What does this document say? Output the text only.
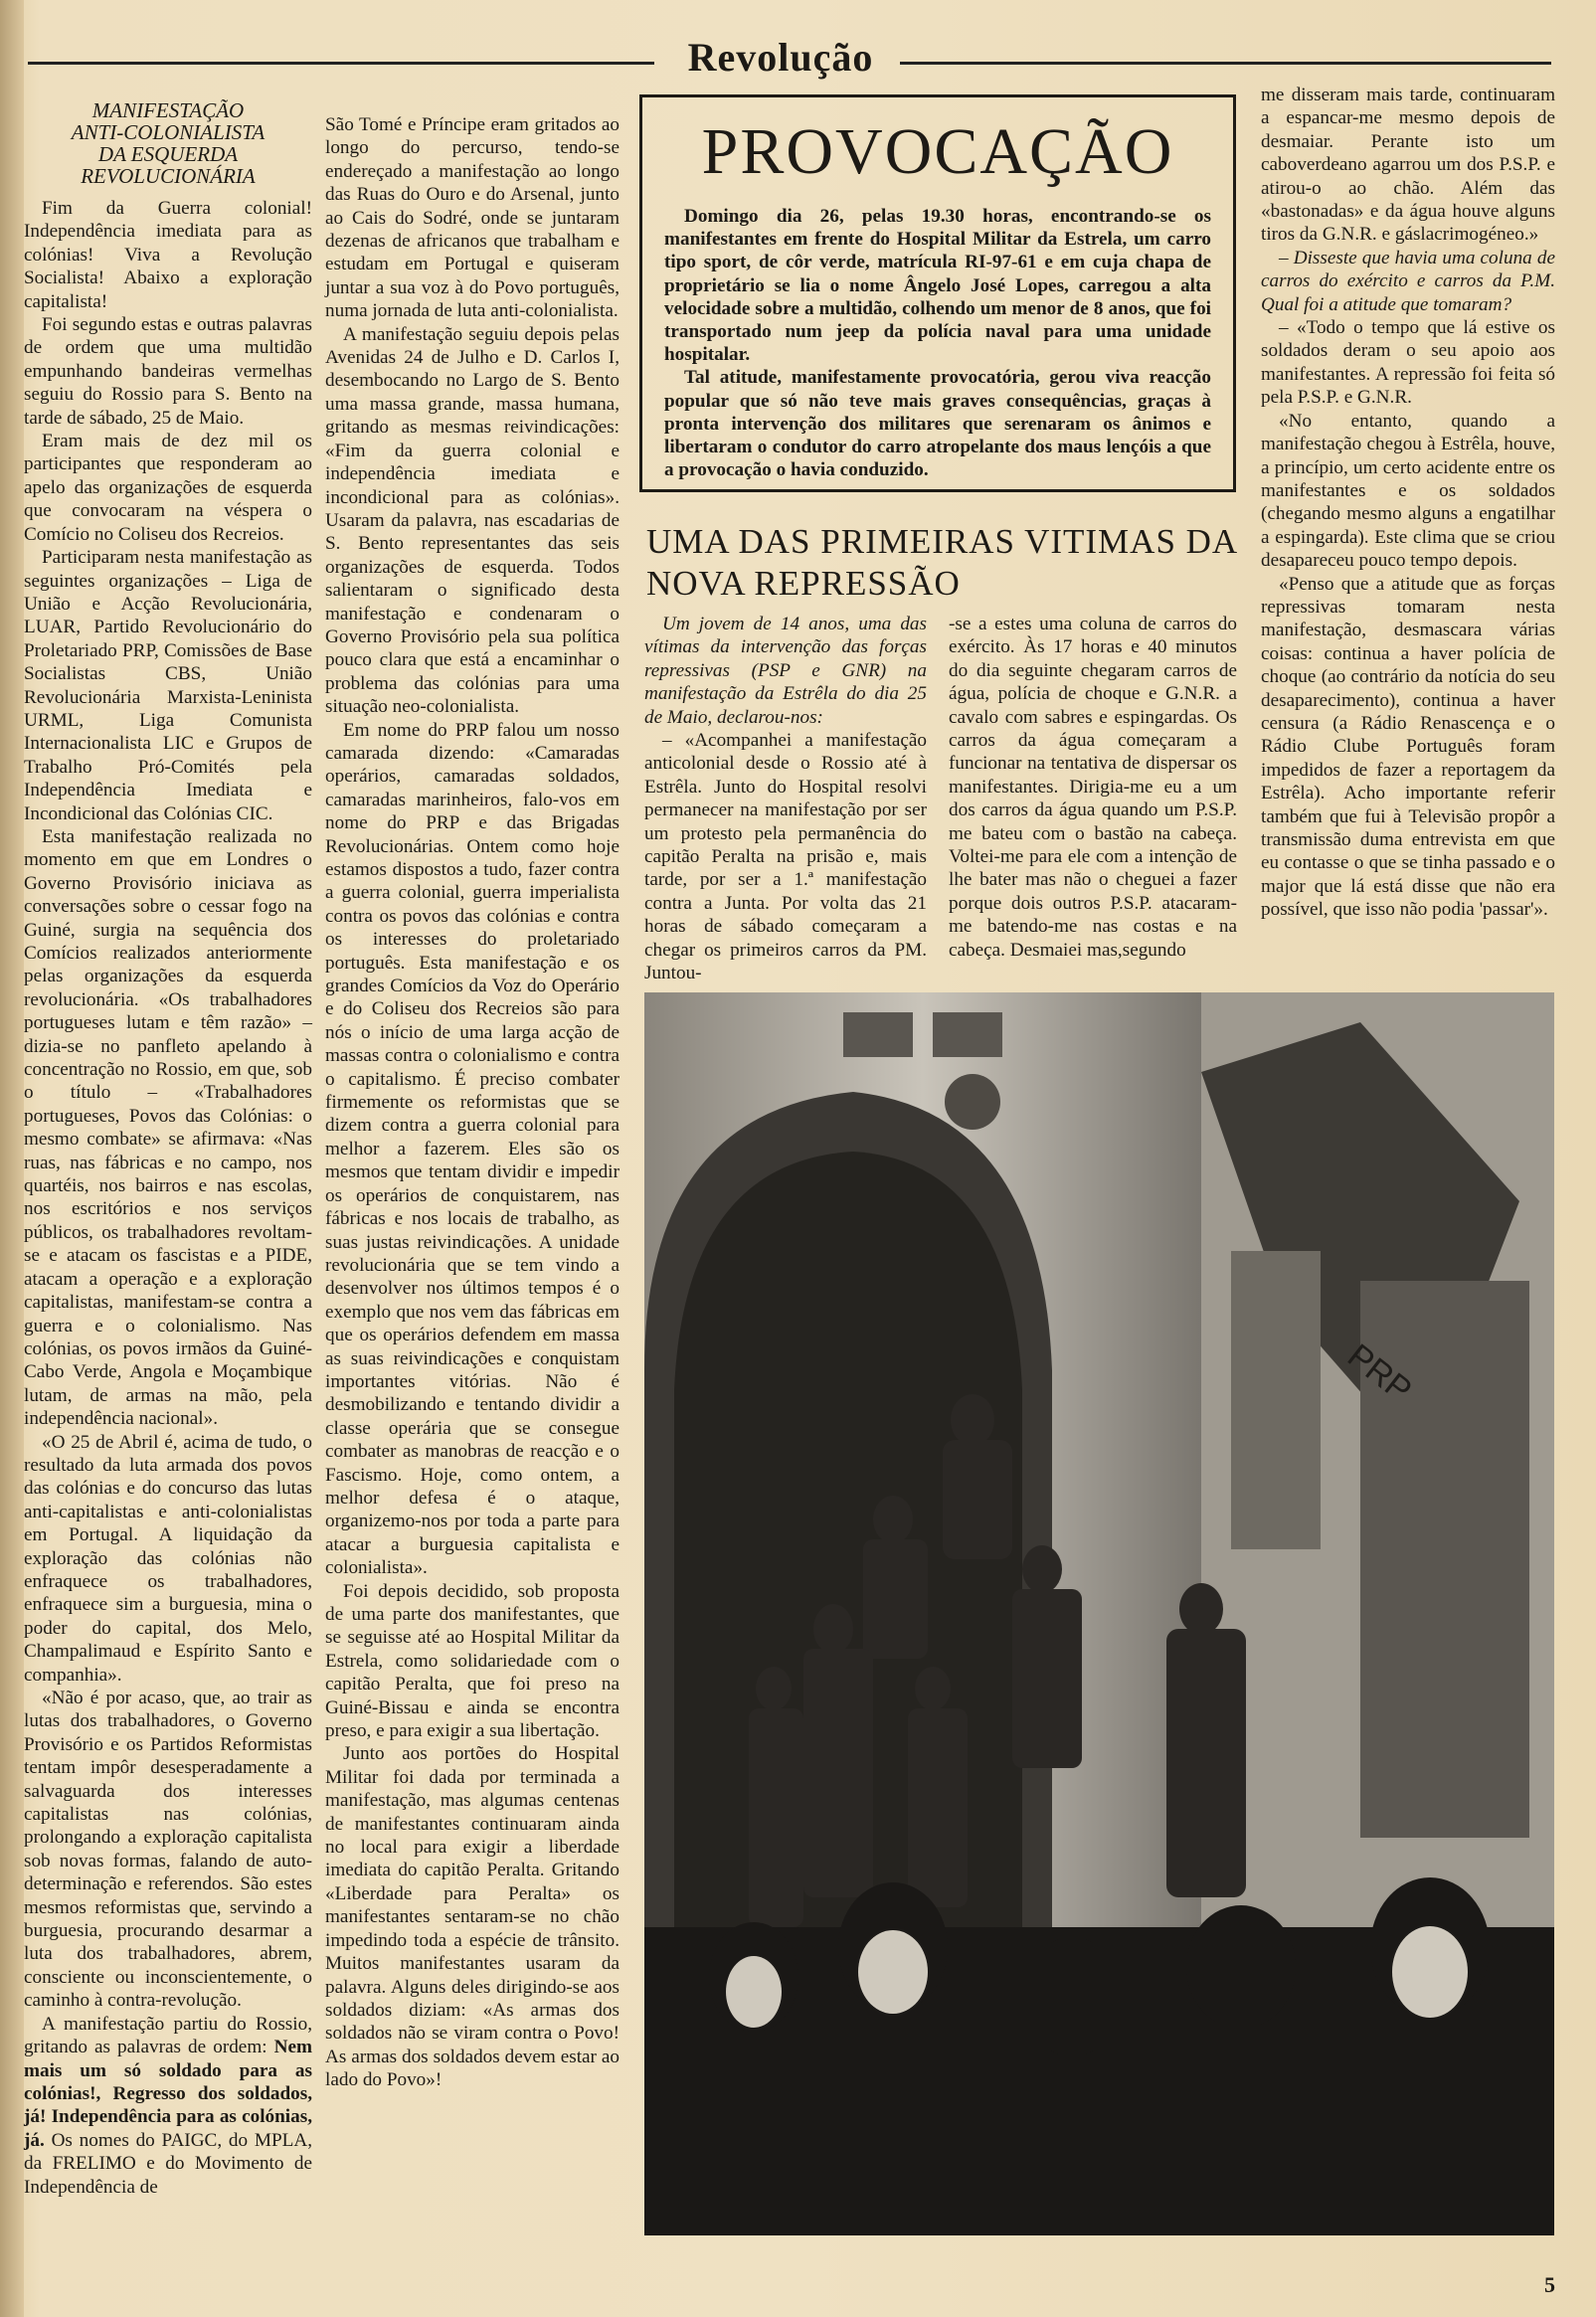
Revolução
MANIFESTAÇÃO
ANTI-COLONIALISTA
DA ESQUERDA
REVOLUCIONÁRIA

Fim da Guerra colonial! Independência imediata para as colónias! Viva a Revolução Socialista! Abaixo a exploração capitalista!

Foi segundo estas e outras palavras de ordem que uma multidão empunhando bandeiras vermelhas seguiu do Rossio para S. Bento na tarde de sábado, 25 de Maio.

Eram mais de dez mil os participantes que responderam ao apelo das organizações de esquerda que convocaram na véspera o Comício no Coliseu dos Recreios.

Participaram nesta manifestação as seguintes organizações – Liga de União e Acção Revolucionária, LUAR, Partido Revolucionário do Proletariado PRP, Comissões de Base Socialistas CBS, União Revolucionária Marxista-Leninista URML, Liga Comunista Internacionalista LIC e Grupos de Trabalho Pró-Comités pela Independência Imediata e Incondicional das Colónias CIC.

Esta manifestação realizada no momento em que em Londres o Governo Provisório iniciava as conversações sobre o cessar fogo na Guiné, surgia na sequência dos Comícios realizados anteriormente pelas organizações da esquerda revolucionária. «Os trabalhadores portugueses lutam e têm razão» – dizia-se no panfleto apelando à concentração no Rossio, em que, sob o título – «Trabalhadores portugueses, Povos das Colónias: o mesmo combate» se afirmava: «Nas ruas, nas fábricas e no campo, nos quartéis, nos bairros e nas escolas, nos escritórios e nos serviços públicos, os trabalhadores revoltam-se e atacam os fascistas e a PIDE, atacam a operação e a exploração capitalistas, manifestam-se contra a guerra e o colonialismo. Nas colónias, os povos irmãos da Guiné-Cabo Verde, Angola e Moçambique lutam, de armas na mão, pela independência nacional».

«O 25 de Abril é, acima de tudo, o resultado da luta armada dos povos das colónias e do concurso das lutas anti-capitalistas e anti-colonialistas em Portugal. A liquidação da exploração das colónias não enfraquece os trabalhadores, enfraquece sim a burguesia, mina o poder do capital, dos Melo, Champalimaud e Espírito Santo e companhia».

«Não é por acaso, que, ao trair as lutas dos trabalhadores, o Governo Provisório e os Partidos Reformistas tentam impôr desesperadamente a salvaguarda dos interesses capitalistas nas colónias, prolongando a exploração capitalista sob novas formas, falando de auto-determinação e referendos. São estes mesmos reformistas que, servindo a burguesia, procurando desarmar a luta dos trabalhadores, abrem, consciente ou inconscientemente, o caminho à contra-revolução.

A manifestação partiu do Rossio, gritando as palavras de ordem: Nem mais um só soldado para as colónias!, Regresso dos soldados, já! Independência para as colónias, já. Os nomes do PAIGC, do MPLA, da FRELIMO e do Movimento de Independência de

São Tomé e Príncipe eram gritados ao longo do percurso, tendo-se endereçado a manifestação ao longo das Ruas do Ouro e do Arsenal, junto ao Cais do Sodré, onde se juntaram dezenas de africanos que trabalham e estudam em Portugal e quiseram juntar a sua voz à do Povo português, numa jornada de luta anti-colonialista.

A manifestação seguiu depois pelas Avenidas 24 de Julho e D. Carlos I, desembocando no Largo de S. Bento uma massa grande, massa humana, gritando as mesmas reivindicações: «Fim da guerra colonial e independência imediata e incondicional para as colónias». Usaram da palavra, nas escadarias de S. Bento representantes das seis organizações de esquerda. Todos salientaram o significado desta manifestação e condenaram o Governo Provisório pela sua política pouco clara que está a encaminhar o problema das colónias para uma situação neo-colonialista.

Em nome do PRP falou um nosso camarada dizendo: «Camaradas operários, camaradas soldados, camaradas marinheiros, falo-vos em nome do PRP e das Brigadas Revolucionárias. Ontem como hoje estamos dispostos a tudo, fazer contra a guerra colonial, guerra imperialista contra os povos das colónias e contra os interesses do proletariado português. Esta manifestação e os grandes Comícios da Voz do Operário e do Coliseu dos Recreios são para nós o início de uma larga acção de massas contra o colonialismo e contra o capitalismo. É preciso combater firmemente os reformistas que se dizem contra a guerra colonial para melhor a fazerem. Eles são os mesmos que tentam dividir e impedir os operários de conquistarem, nas fábricas e nos locais de trabalho, as suas justas reivindicações. A unidade revolucionária que se tem vindo a desenvolver nos últimos tempos é o exemplo que nos vem das fábricas em que os operários defendem em massa as suas reivindicações e conquistam importantes vitórias. Não é desmobilizando e tentando dividir a classe operária que se consegue combater as manobras de reacção e o Fascismo. Hoje, como ontem, a melhor defesa é o ataque, organizemo-nos por toda a parte para atacar a burguesia capitalista e colonialista».

Foi depois decidido, sob proposta de uma parte dos manifestantes, que se seguisse até ao Hospital Militar da Estrela, como solidariedade com o capitão Peralta, que foi preso na Guiné-Bissau e ainda se encontra preso, e para exigir a sua libertação.

Junto aos portões do Hospital Militar foi dada por terminada a manifestação, mas algumas centenas de manifestantes continuaram ainda no local para exigir a liberdade imediata do capitão Peralta. Gritando «Liberdade para Peralta» os manifestantes sentaram-se no chão impedindo toda a espécie de trânsito. Muitos manifestantes usaram da palavra. Alguns deles dirigindo-se aos soldados diziam: «As armas dos soldados não se viram contra o Povo! As armas dos soldados devem estar ao lado do Povo»!

PROVOCAÇÃO

Domingo dia 26, pelas 19.30 horas, encontrando-se os manifestantes em frente do Hospital Militar da Estrela, um carro tipo sport, de côr verde, matrícula RI-97-61 e em cuja chapa de proprietário se lia o nome Ângelo José Lopes, carregou a alta velocidade sobre a multidão, colhendo um menor de 8 anos, que foi transportado num jeep da polícia naval para uma unidade hospitalar.

Tal atitude, manifestamente provocatória, gerou viva reacção popular que só não teve mais graves consequências, graças à pronta intervenção dos militares que serenaram os ânimos e libertaram o condutor do carro atropelante dos maus lençóis a que a provocação o havia conduzido.

UMA DAS PRIMEIRAS VITIMAS DA NOVA REPRESSÃO

Um jovem de 14 anos, uma das vítimas da intervenção das forças repressivas (PSP e GNR) na manifestação da Estrêla do dia 25 de Maio, declarou-nos:

– «Acompanhei a manifestação anticolonial desde o Rossio até à Estrêla. Junto do Hospital resolvi permanecer na manifestação por ser um protesto pela permanência do capitão Peralta na prisão e, mais tarde, por ser a 1.ª manifestação contra a Junta. Por volta das 21 horas de sábado começaram a chegar os primeiros carros da PM. Juntou-

-se a estes uma coluna de carros do exército. Às 17 horas e 40 minutos do dia seguinte chegaram carros de água, polícia de choque e G.N.R. a cavalo com sabres e espingardas. Os carros da água começaram a funcionar na tentativa de dispersar os manifestantes. Dirigia-me eu a um dos carros da água quando um P.S.P. me bateu com o bastão na cabeça. Voltei-me para ele com a intenção de lhe bater mas não o cheguei a fazer porque dois outros P.S.P. atacaram-me batendo-me nas costas e na cabeça. Desmaiei mas,segundo

me disseram mais tarde, continuaram a espancar-me mesmo depois de desmaiar. Perante isto um caboverdeano agarrou um dos P.S.P. e atirou-o ao chão. Além das «bastonadas» e da água houve alguns tiros da G.N.R. e gáslacrimogéneo.»

– Disseste que havia uma coluna de carros do exército e carros da P.M. Qual foi a atitude que tomaram?

– «Todo o tempo que lá estive os soldados deram o seu apoio aos manifestantes. A repressão foi feita só pela P.S.P. e G.N.R.

«No entanto, quando a manifestação chegou à Estrêla, houve, a princípio, um certo acidente entre os manifestantes e os soldados (chegando mesmo alguns a engatilhar a espingarda). Este clima que se criou desapareceu pouco tempo depois.

«Penso que a atitude que as forças repressivas tomaram nesta manifestação, desmascara várias coisas: continua a haver polícia de choque (ao contrário da notícia do seu desaparecimento), continua a haver censura (a Rádio Renascença e o Rádio Clube Português foram impedidos de fazer a reportagem da Estrêla). Acho importante referir também que fui à Televisão propôr a transmissão duma entrevista em que eu contasse o que se tinha passado e o major que lá está disse que não era possível, que isso não podia 'passar'».

PRP
5
